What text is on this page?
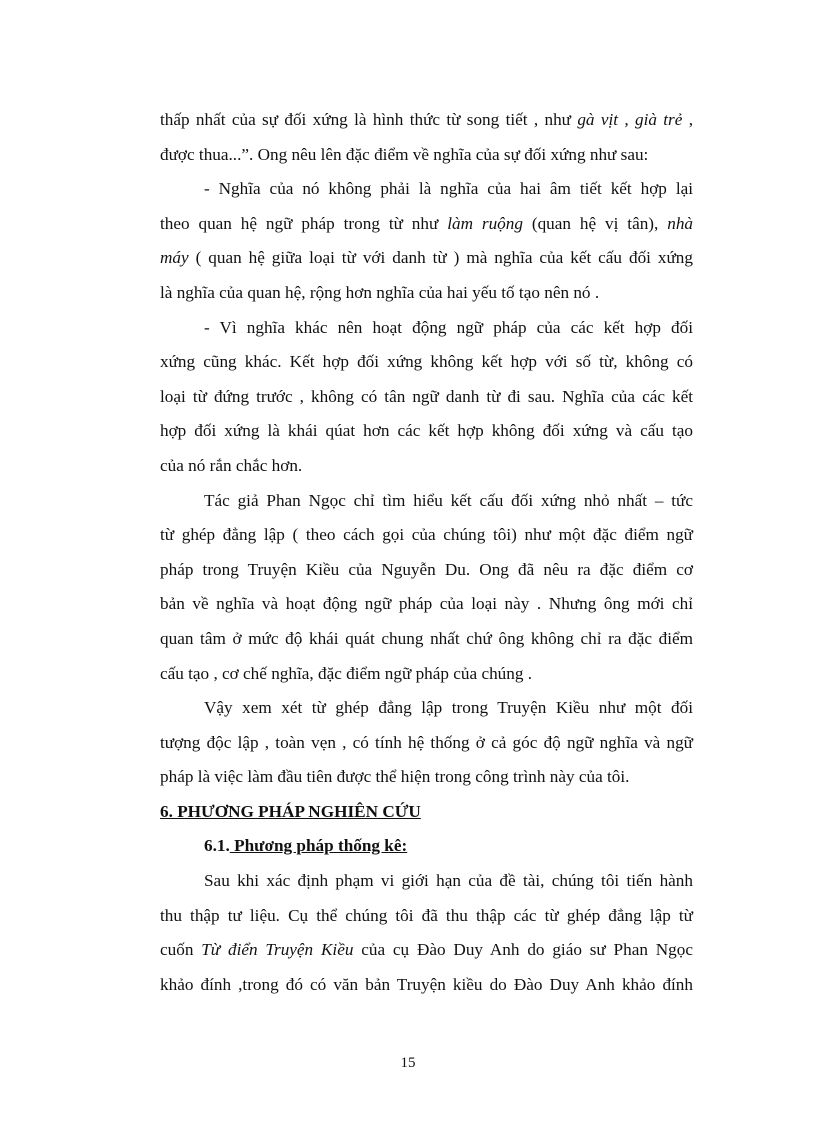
thấp nhất của sự đối xứng là hình thức từ song tiết , như gà vịt , già trẻ ,
được thua...”. Ong nêu lên đặc điểm về nghĩa của sự đối xứng như sau:
- Nghĩa của nó không phải là nghĩa của hai âm tiết kết hợp lại
theo quan hệ ngữ pháp trong từ như làm ruộng (quan hệ vị tân), nhà
máy ( quan hệ giữa loại từ với danh từ ) mà nghĩa của kết cấu đối xứng
là nghĩa của quan hệ, rộng hơn nghĩa của hai yếu tố tạo nên nó .
- Vì nghĩa khác nên hoạt động ngữ pháp của các kết hợp đối
xứng cũng khác. Kết hợp đối xứng không kết hợp với số từ, không có
loại từ đứng trước , không có tân ngữ danh từ đi sau. Nghĩa của các kết
hợp đối xứng là khái qúat hơn các kết hợp không đối xứng và cấu tạo
của nó rắn chắc hơn.
Tác giả Phan Ngọc chỉ tìm hiểu kết cấu đối xứng nhỏ nhất – tức
từ ghép đẳng lập ( theo cách gọi của chúng tôi) như một đặc điểm ngữ
pháp trong Truyện Kiều của Nguyễn Du. Ong đã nêu ra đặc điểm cơ
bản về nghĩa và hoạt động ngữ pháp của loại này . Nhưng ông mới chỉ
quan tâm ở mức độ khái quát chung nhất chứ ông không chỉ ra đặc điểm
cấu tạo , cơ chế nghĩa, đặc điểm ngữ pháp của chúng .
Vậy xem xét từ ghép đẳng lập trong Truyện Kiều như một đối
tượng độc lập , toàn vẹn , có tính hệ thống ở cả góc độ ngữ nghĩa và ngữ
pháp là việc làm đầu tiên được thể hiện trong công trình này của tôi.
6. PHƯƠNG PHÁP NGHIÊN CỨU
6.1. Phương pháp thống kê:
Sau khi xác định phạm vi giới hạn của đề tài, chúng tôi tiến hành
thu thập tư liệu. Cụ thể chúng tôi đã thu thập các từ ghép đẳng lập từ
cuốn Từ điển Truyện Kiều của cụ Đào Duy Anh do giáo sư Phan Ngọc
khảo đính ,trong đó có văn bản Truyện kiều do Đào Duy Anh khảo đính
15
